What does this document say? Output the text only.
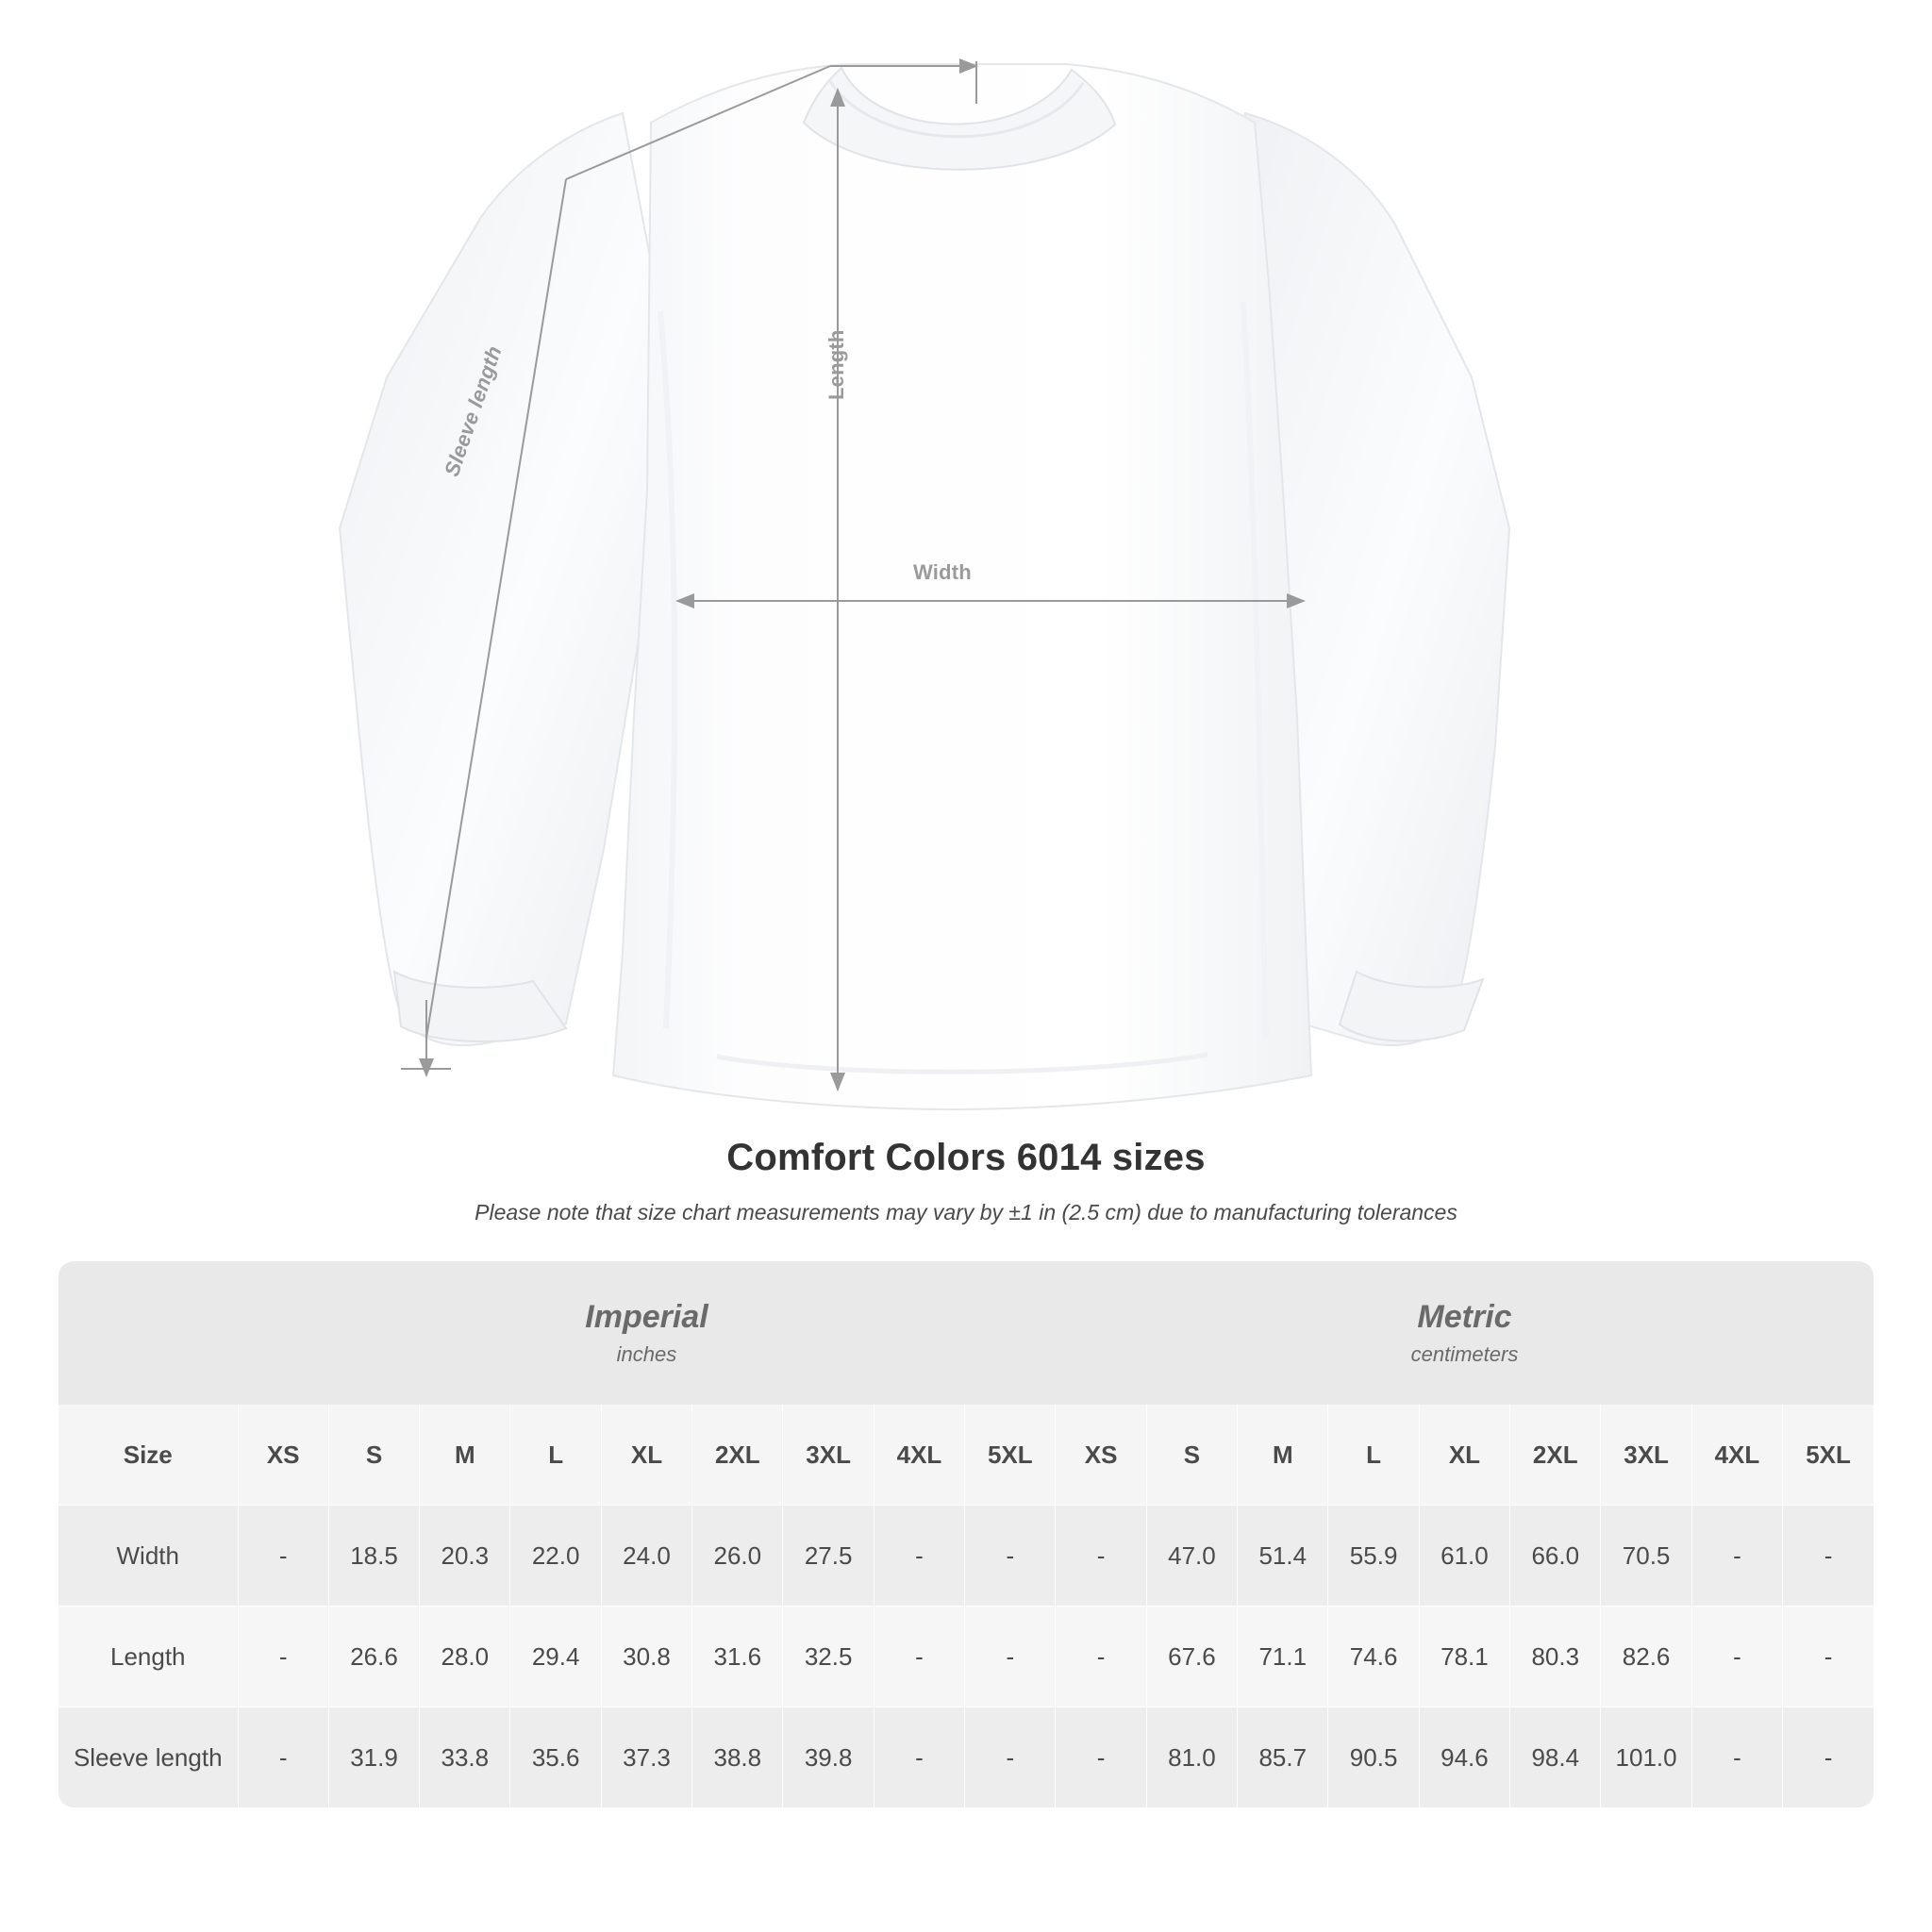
Width
Length
Sleeve length
Comfort Colors 6014 sizes

Please note that size chart measurements may vary by ±1 in (2.5 cm) due to manufacturing tolerances

Imperial
inches

Metric
centimeters

Size	XS	S	M	L	XL	2XL	3XL	4XL	5XL	XS	S	M	L	XL	2XL	3XL	4XL	5XL
Width	-	18.5	20.3	22.0	24.0	26.0	27.5	-	-	-	47.0	51.4	55.9	61.0	66.0	70.5	-	-
Length	-	26.6	28.0	29.4	30.8	31.6	32.5	-	-	-	67.6	71.1	74.6	78.1	80.3	82.6	-	-
Sleeve length	-	31.9	33.8	35.6	37.3	38.8	39.8	-	-	-	81.0	85.7	90.5	94.6	98.4	101.0	-	-
